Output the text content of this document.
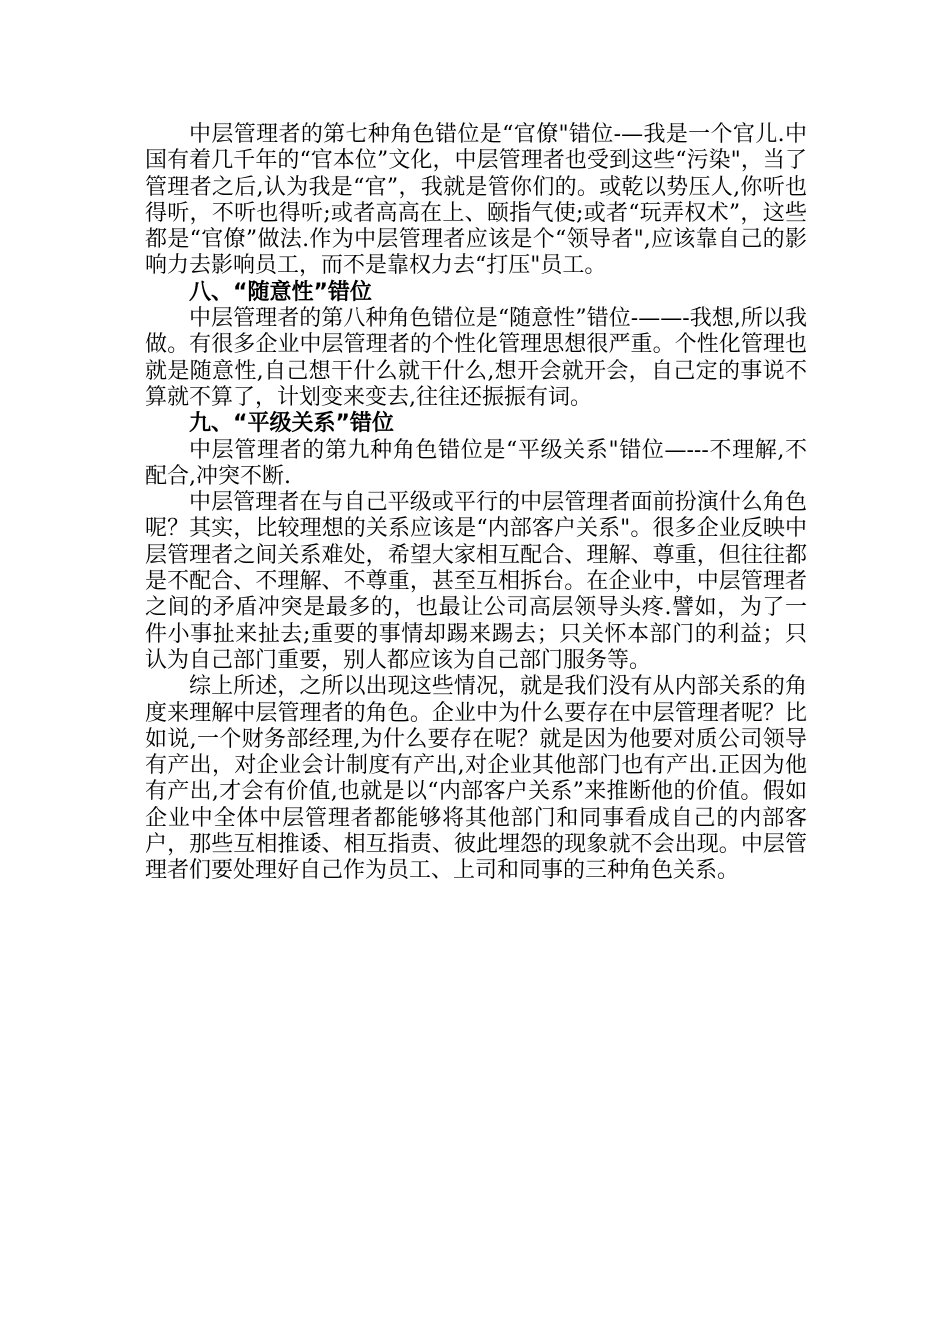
中层管理者的第七种角色错位是“官僚"错位-—我是一个官儿.中国有着几千年的“官本位”文化，中层管理者也受到这些“污染"，当了管理者之后,认为我是“官”，我就是管你们的。或乾以势压人,你听也得听，不听也得听;或者高高在上、颐指气使;或者“玩弄权术”，这些都是“官僚”做法.作为中层管理者应该是个“领导者",应该靠自己的影响力去影响员工，而不是靠权力去“打压"员工。

八、“随意性”错位

中层管理者的第八种角色错位是“随意性”错位-——-我想,所以我做。有很多企业中层管理者的个性化管理思想很严重。个性化管理也就是随意性,自己想干什么就干什么,想开会就开会，自己定的事说不算就不算了，计划变来变去,往往还振振有词。

九、“平级关系”错位

中层管理者的第九种角色错位是“平级关系"错位—---不理解,不配合,冲突不断.

中层管理者在与自己平级或平行的中层管理者面前扮演什么角色呢？其实，比较理想的关系应该是“内部客户关系"。很多企业反映中层管理者之间关系难处，希望大家相互配合、理解、尊重，但往往都是不配合、不理解、不尊重，甚至互相拆台。在企业中，中层管理者之间的矛盾冲突是最多的，也最让公司高层领导头疼.譬如，为了一件小事扯来扯去;重要的事情却踢来踢去；只关怀本部门的利益；只认为自己部门重要，别人都应该为自己部门服务等。

综上所述，之所以出现这些情况，就是我们没有从内部关系的角度来理解中层管理者的角色。企业中为什么要存在中层管理者呢？比如说,一个财务部经理,为什么要存在呢？就是因为他要对质公司领导有产出，对企业会计制度有产出,对企业其他部门也有产出.正因为他有产出,才会有价值,也就是以“内部客户关系”来推断他的价值。假如企业中全体中层管理者都能够将其他部门和同事看成自己的内部客户，那些互相推诿、相互指责、彼此埋怨的现象就不会出现。中层管理者们要处理好自己作为员工、上司和同事的三种角色关系。
